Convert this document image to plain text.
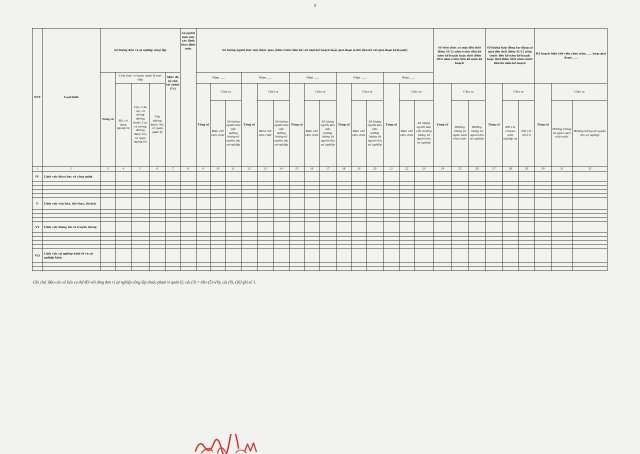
5
STT	Loại hình	Số lượng đơn vị sự nghiệp công lập					Số người làm việc xác định theo định mức	Số lượng người làm việc được giao (năm trước liền kề với năm kế hoạch hoặc giai đoạn trước liền kề với giai đoạn kế hoạch)															Số viên chức có mặt đến thời điểm 31/12 năm trước liền kề năm kế hoạch hoặc thời điểm 30/6 năm trước liền kề năm kế hoạch			Số lượng hợp đồng lao động có mặt đến thời điểm 31/12 năm trước liền kề năm kế hoạch hoặc thời điểm 30/6 năm trước liền kề năm kế hoạch			Kế hoạch biên chế viên chức năm ...... hoặc giai đoạn ......		
		Tổng số	Chia theo cơ quan quản lý trực tiếp			Mức độ tự chủ tài chính (%)		Năm ......			Năm ......			Năm ......			Năm ......			Năm ......											
			Bộ, cơ quan ngang bộ	Cục, Chi cục và tương đương thuộc Cục và tương đương thuộc bộ, cơ quan ngang bộ	Văn phòng thuộc Sở, cơ quan quản lý			Tổng số	Chia ra		Tổng số	Chia ra		Tổng số	Chia ra		Tổng số	Chia ra		Tổng số	Chia ra		Tổng số	Chia ra		Tổng số	Chia ra		Tổng số	Chia ra	
									Biên chế viên chức	Số lượng người làm việc hưởng lương từ nguồn thu sự nghiệp		Biên chế viên chức	Số lượng người làm việc hưởng lương từ nguồn thu sự nghiệp		Biên chế viên chức	Số lượng người làm việc hưởng lương từ nguồn thu sự nghiệp		Biên chế viên chức	Số lượng người làm việc hưởng lương từ nguồn thu sự nghiệp		Biên chế viên chức	Số lượng người làm việc hưởng lương từ nguồn thu sự nghiệp		Hưởng lương từ ngân sách nhà nước	Hưởng lương từ nguồn thu sự nghiệp		NĐ 111 chuyên môn nghiệp vụ	NĐ 111 hỗ trợ		Hưởng lương từ ngân sách nhà nước	Hưởng lương từ nguồn thu sự nghiệp
1	2	3	4	5	6	7	8	9	10	11	12	13	14	15	16	17	18	19	20	21	22	23	24	25	26	27	28	29	30	31	32
IV	Lĩnh vực khoa học và công nghệ																														

V	Lĩnh vực văn hóa, thể thao, du lịch																														

VI	Lĩnh vực thông tin và truyền thông																														

VII	Lĩnh vực sự nghiệp kinh tế và sự nghiệp khác																														

Ghi chú: Báo cáo số liệu cụ thể đối với từng đơn vị sự nghiệp công lập thuộc phạm vi quản lý; cột (3) = (4)+(5)+(6); cột (9), (10) ghi số 1.
